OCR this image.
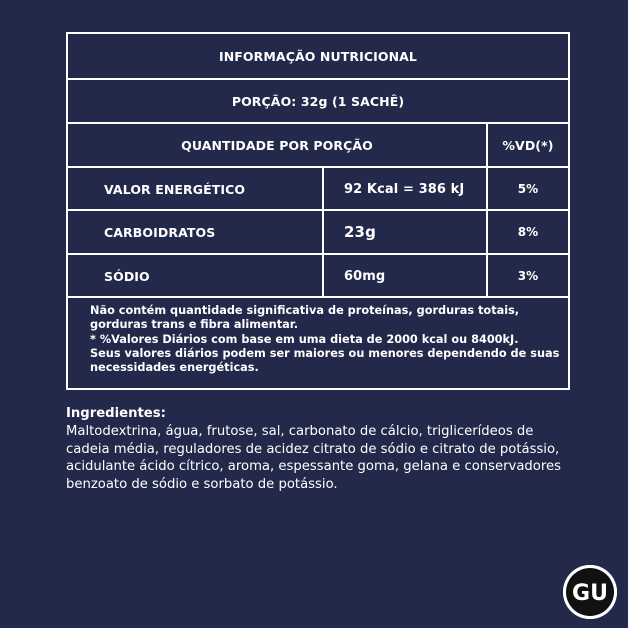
INFORMAÇÃO NUTRICIONAL
PORÇÃO: 32g (1 SACHÊ)
QUANTIDADE POR PORÇÃO	%VD(*)
VALOR ENERGÉTICO	92 Kcal = 386 kJ	5%
CARBOIDRATOS	23g	8%
SÓDIO	60mg	3%
Não contém quantidade significativa de proteínas, gorduras totais, gorduras trans e fibra alimentar.
* %Valores Diários com base em uma dieta de 2000 kcal ou 8400kJ.
Seus valores diários podem ser maiores ou menores dependendo de suas necessidades energéticas.
Ingredientes:
Maltodextrina, água, frutose, sal, carbonato de cálcio, triglicerídeos de cadeia média, reguladores de acidez citrato de sódio e citrato de potássio, acidulante ácido cítrico, aroma, espessante goma, gelana e conservadores benzoato de sódio e sorbato de potássio.
GU
